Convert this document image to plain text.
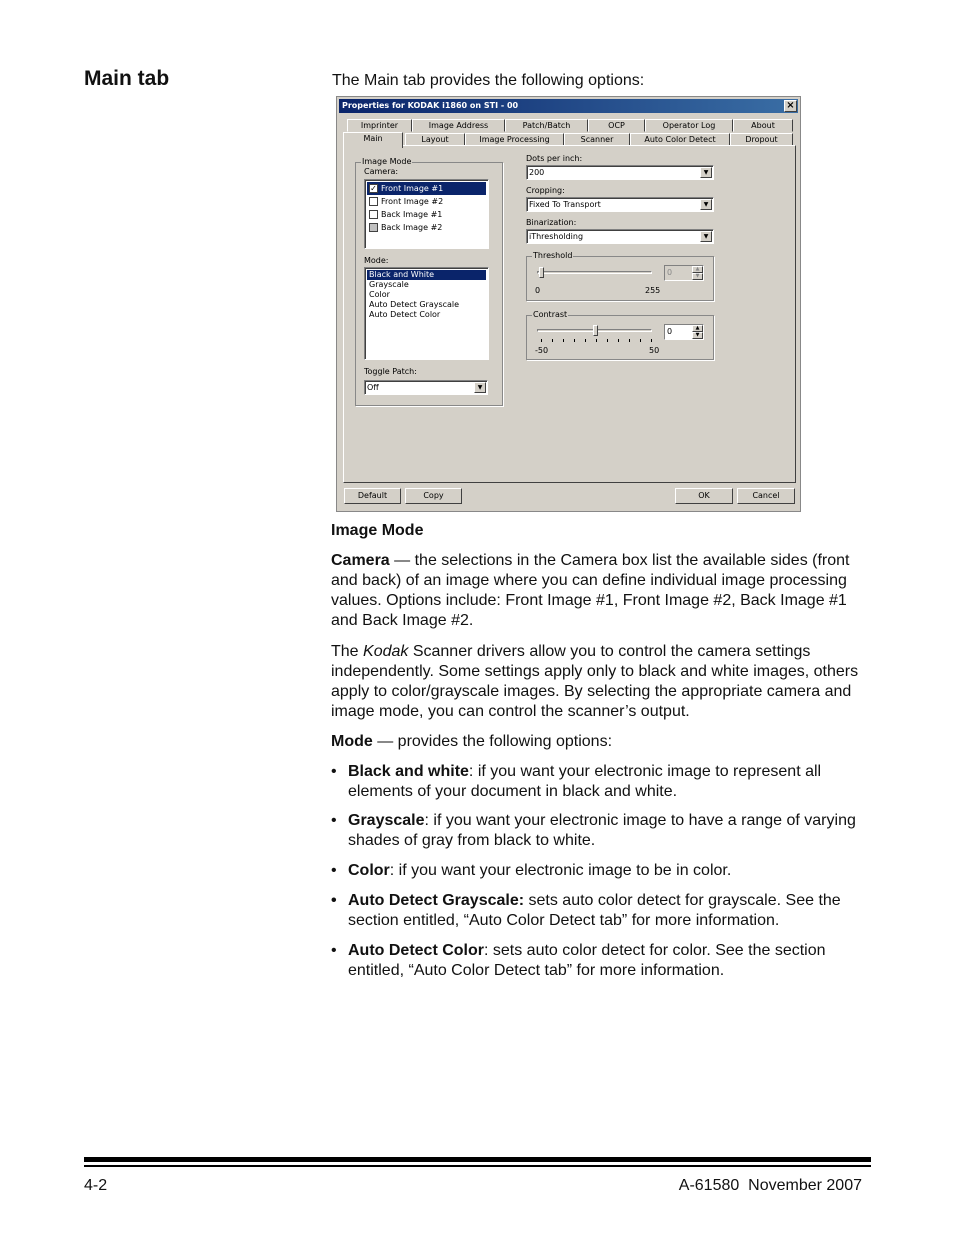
Main tab	The Main tab provides the following options:
Properties for KODAK i1860 on STI - 00	×
Imprinter	Image Address	Patch/Batch	OCP	Operator Log	About
Main	Layout	Image Processing	Scanner	Auto Color Detect	Dropout
Image Mode
Camera:
✓ Front Image #1
Front Image #2
Back Image #1
Back Image #2
Mode:
Black and White
Grayscale
Color
Auto Detect Grayscale
Auto Detect Color
Toggle Patch:
Off	▼
Dots per inch:
200	▼
Cropping:
Fixed To Transport	▼
Binarization:
iThresholding	▼
Threshold
0	255
0	▲
▼
Contrast
-50	50
0	▲
▼
Default	Copy	OK	Cancel
Image Mode
Camera — the selections in the Camera box list the available sides (front and back) of an image where you can define individual image processing values. Options include: Front Image #1, Front Image #2, Back Image #1 and Back Image #2.
The Kodak Scanner drivers allow you to control the camera settings independently. Some settings apply only to black and white images, others apply to color/grayscale images. By selecting the appropriate camera and image mode, you can control the scanner’s output.
Mode — provides the following options:
• Black and white: if you want your electronic image to represent all elements of your document in black and white.
• Grayscale: if you want your electronic image to have a range of varying shades of gray from black to white.
• Color: if you want your electronic image to be in color.
• Auto Detect Grayscale: sets auto color detect for grayscale. See the section entitled, “Auto Color Detect tab” for more information.
• Auto Detect Color: sets auto color detect for color. See the section entitled, “Auto Color Detect tab” for more information.
4-2	A-61580  November 2007
